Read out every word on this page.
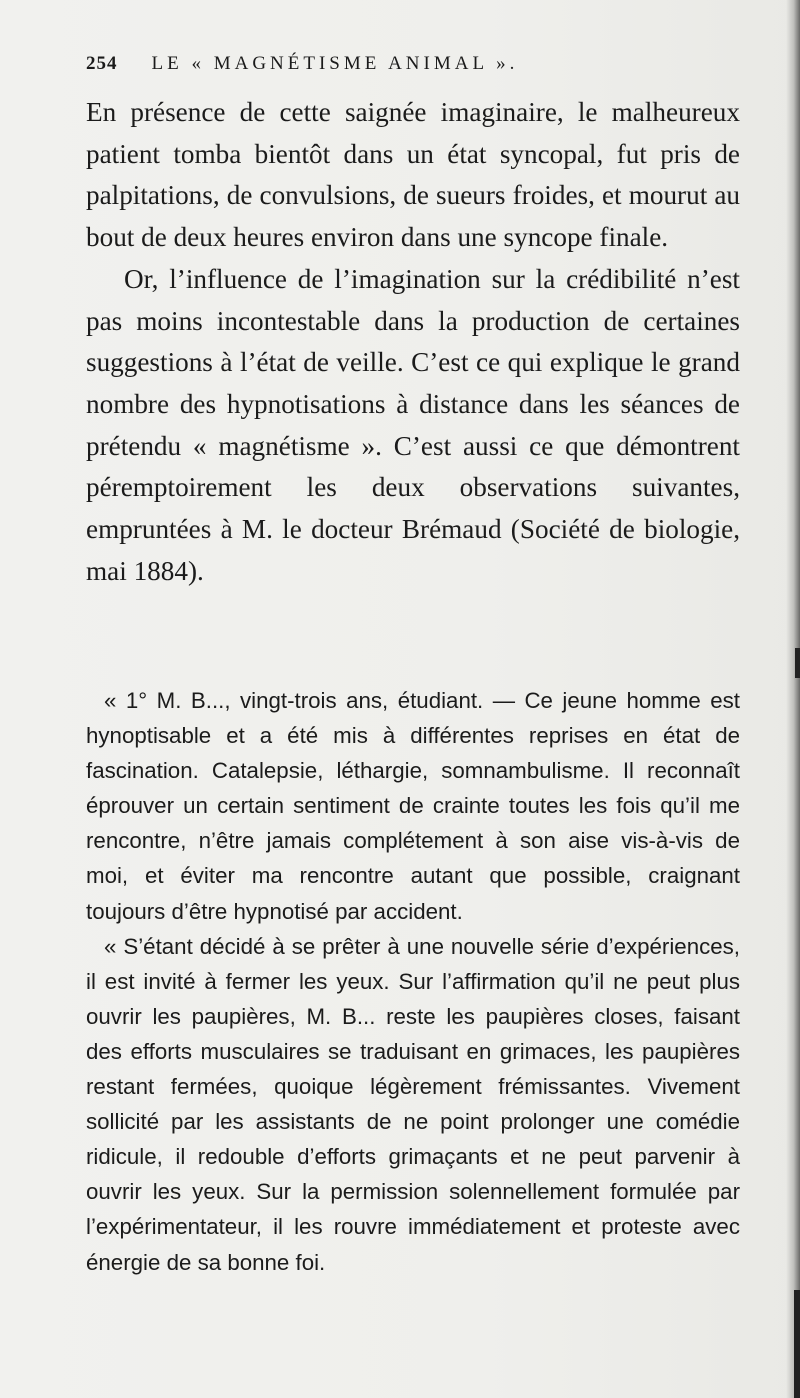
254 LE « MAGNÉTISME ANIMAL ».

En présence de cette saignée imaginaire, le malheureux patient tomba bientôt dans un état syncopal, fut pris de palpitations, de convulsions, de sueurs froides, et mourut au bout de deux heures environ dans une syncope finale.

Or, l’influence de l’imagination sur la crédibilité n’est pas moins incontestable dans la production de certaines suggestions à l’état de veille. C’est ce qui explique le grand nombre des hypnotisations à distance dans les séances de prétendu « magnétisme ». C’est aussi ce que démontrent péremptoirement les deux observations suivantes, empruntées à M. le docteur Brémaud (Société de biologie, mai 1884).

« 1° M. B..., vingt-trois ans, étudiant. — Ce jeune homme est hynoptisable et a été mis à différentes reprises en état de fascination. Catalepsie, léthargie, somnambulisme. Il reconnaît éprouver un certain sentiment de crainte toutes les fois qu’il me rencontre, n’être jamais complétement à son aise vis-à-vis de moi, et éviter ma rencontre autant que possible, craignant toujours d’être hypnotisé par accident.

« S’étant décidé à se prêter à une nouvelle série d’expériences, il est invité à fermer les yeux. Sur l’affirmation qu’il ne peut plus ouvrir les paupières, M. B... reste les paupières closes, faisant des efforts musculaires se traduisant en grimaces, les paupières restant fermées, quoique légèrement frémissantes. Vivement sollicité par les assistants de ne point prolonger une comédie ridicule, il redouble d’efforts grimaçants et ne peut parvenir à ouvrir les yeux. Sur la permission solennellement formulée par l’expérimentateur, il les rouvre immédiatement et proteste avec énergie de sa bonne foi.
